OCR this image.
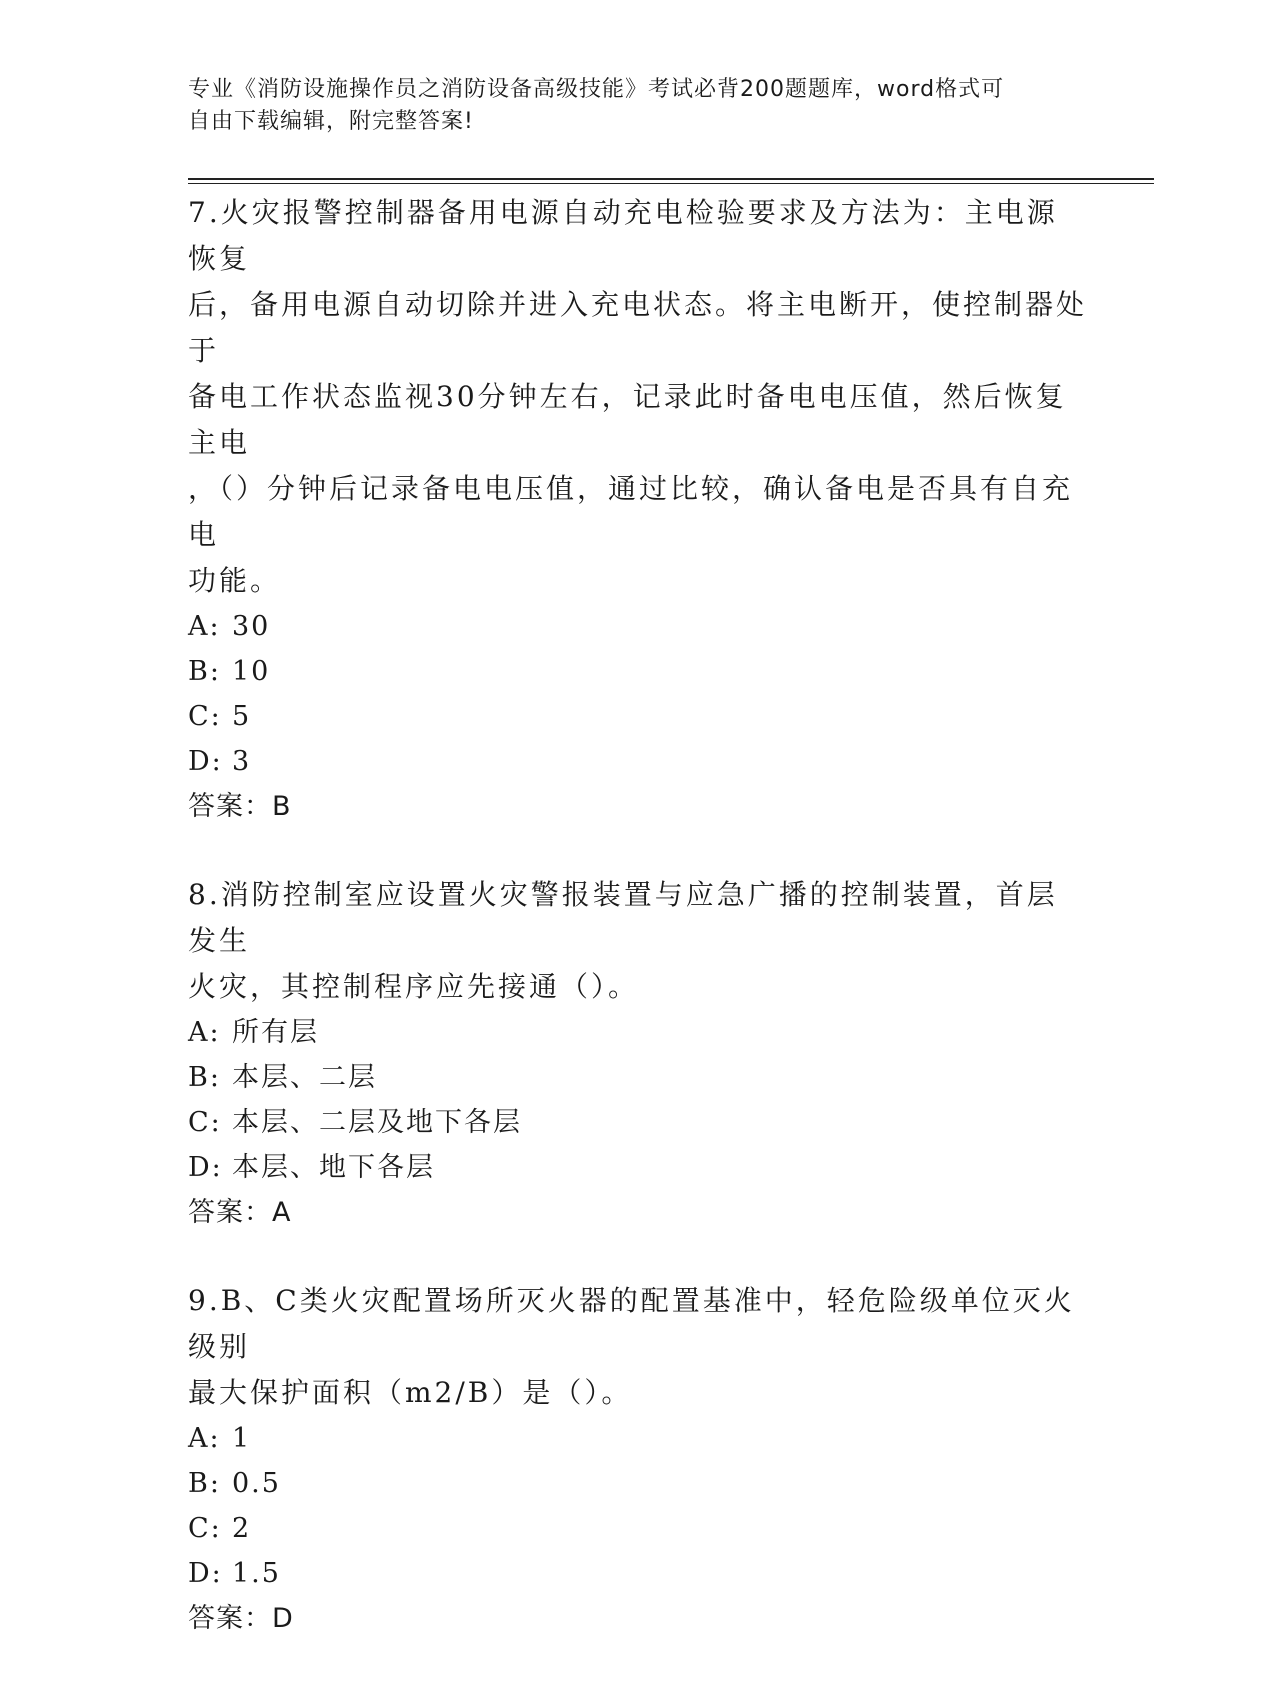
专业《消防设施操作员之消防设备高级技能》考试必背200题题库，word格式可
自由下载编辑，附完整答案!

7.火灾报警控制器备用电源自动充电检验要求及方法为：主电源恢复

后，备用电源自动切除并进入充电状态。将主电断开，使控制器处于

备电工作状态监视30分钟左右，记录此时备电电压值，然后恢复主电

，（）分钟后记录备电电压值，通过比较，确认备电是否具有自充电

功能。

A: 30

B: 10

C: 5

D: 3

答案：B

8.消防控制室应设置火灾警报装置与应急广播的控制装置，首层发生

火灾，其控制程序应先接通（）。

A: 所有层

B: 本层、二层

C: 本层、二层及地下各层

D: 本层、地下各层

答案：A

9.B、C类火灾配置场所灭火器的配置基准中，轻危险级单位灭火级别

最大保护面积（m2/B）是（）。

A: 1

B: 0.5

C: 2

D: 1.5

答案：D
